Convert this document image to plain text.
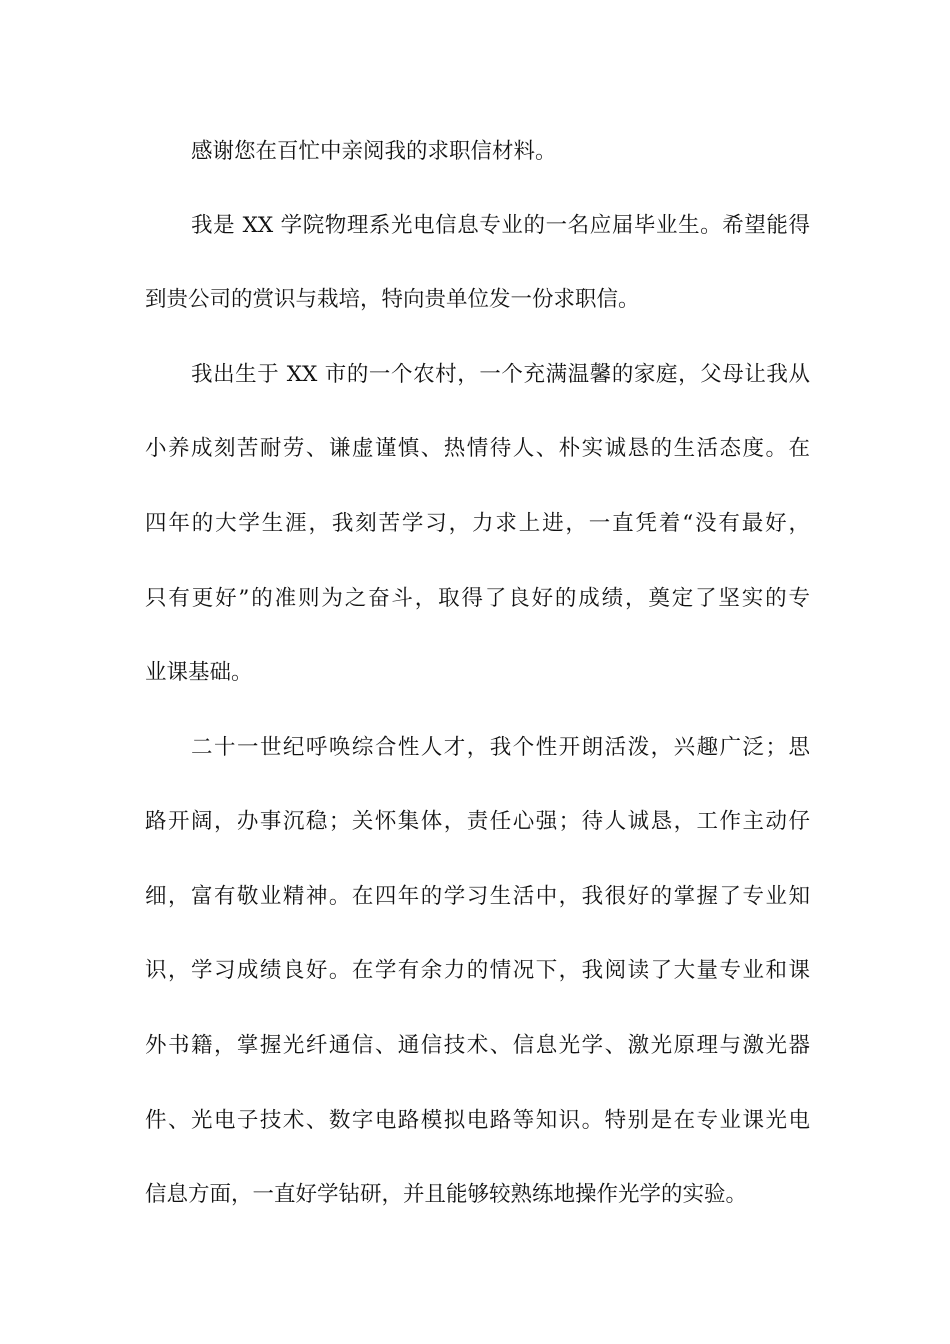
感谢您在百忙中亲阅我的求职信材料。
我是 XX 学院物理系光电信息专业的一名应届毕业生。希望能得
到贵公司的赏识与栽培，特向贵单位发一份求职信。
我出生于 XX 市的一个农村，一个充满温馨的家庭，父母让我从
小养成刻苦耐劳、谦虚谨慎、热情待人、朴实诚恳的生活态度。在
四年的大学生涯，我刻苦学习，力求上进，一直凭着“没有最好，
只有更好”的准则为之奋斗，取得了良好的成绩，奠定了坚实的专
业课基础。
二十一世纪呼唤综合性人才，我个性开朗活泼，兴趣广泛；思
路开阔，办事沉稳；关怀集体，责任心强；待人诚恳，工作主动仔
细，富有敬业精神。在四年的学习生活中，我很好的掌握了专业知
识，学习成绩良好。在学有余力的情况下，我阅读了大量专业和课
外书籍，掌握光纤通信、通信技术、信息光学、激光原理与激光器
件、光电子技术、数字电路模拟电路等知识。特别是在专业课光电
信息方面，一直好学钻研，并且能够较熟练地操作光学的实验。
